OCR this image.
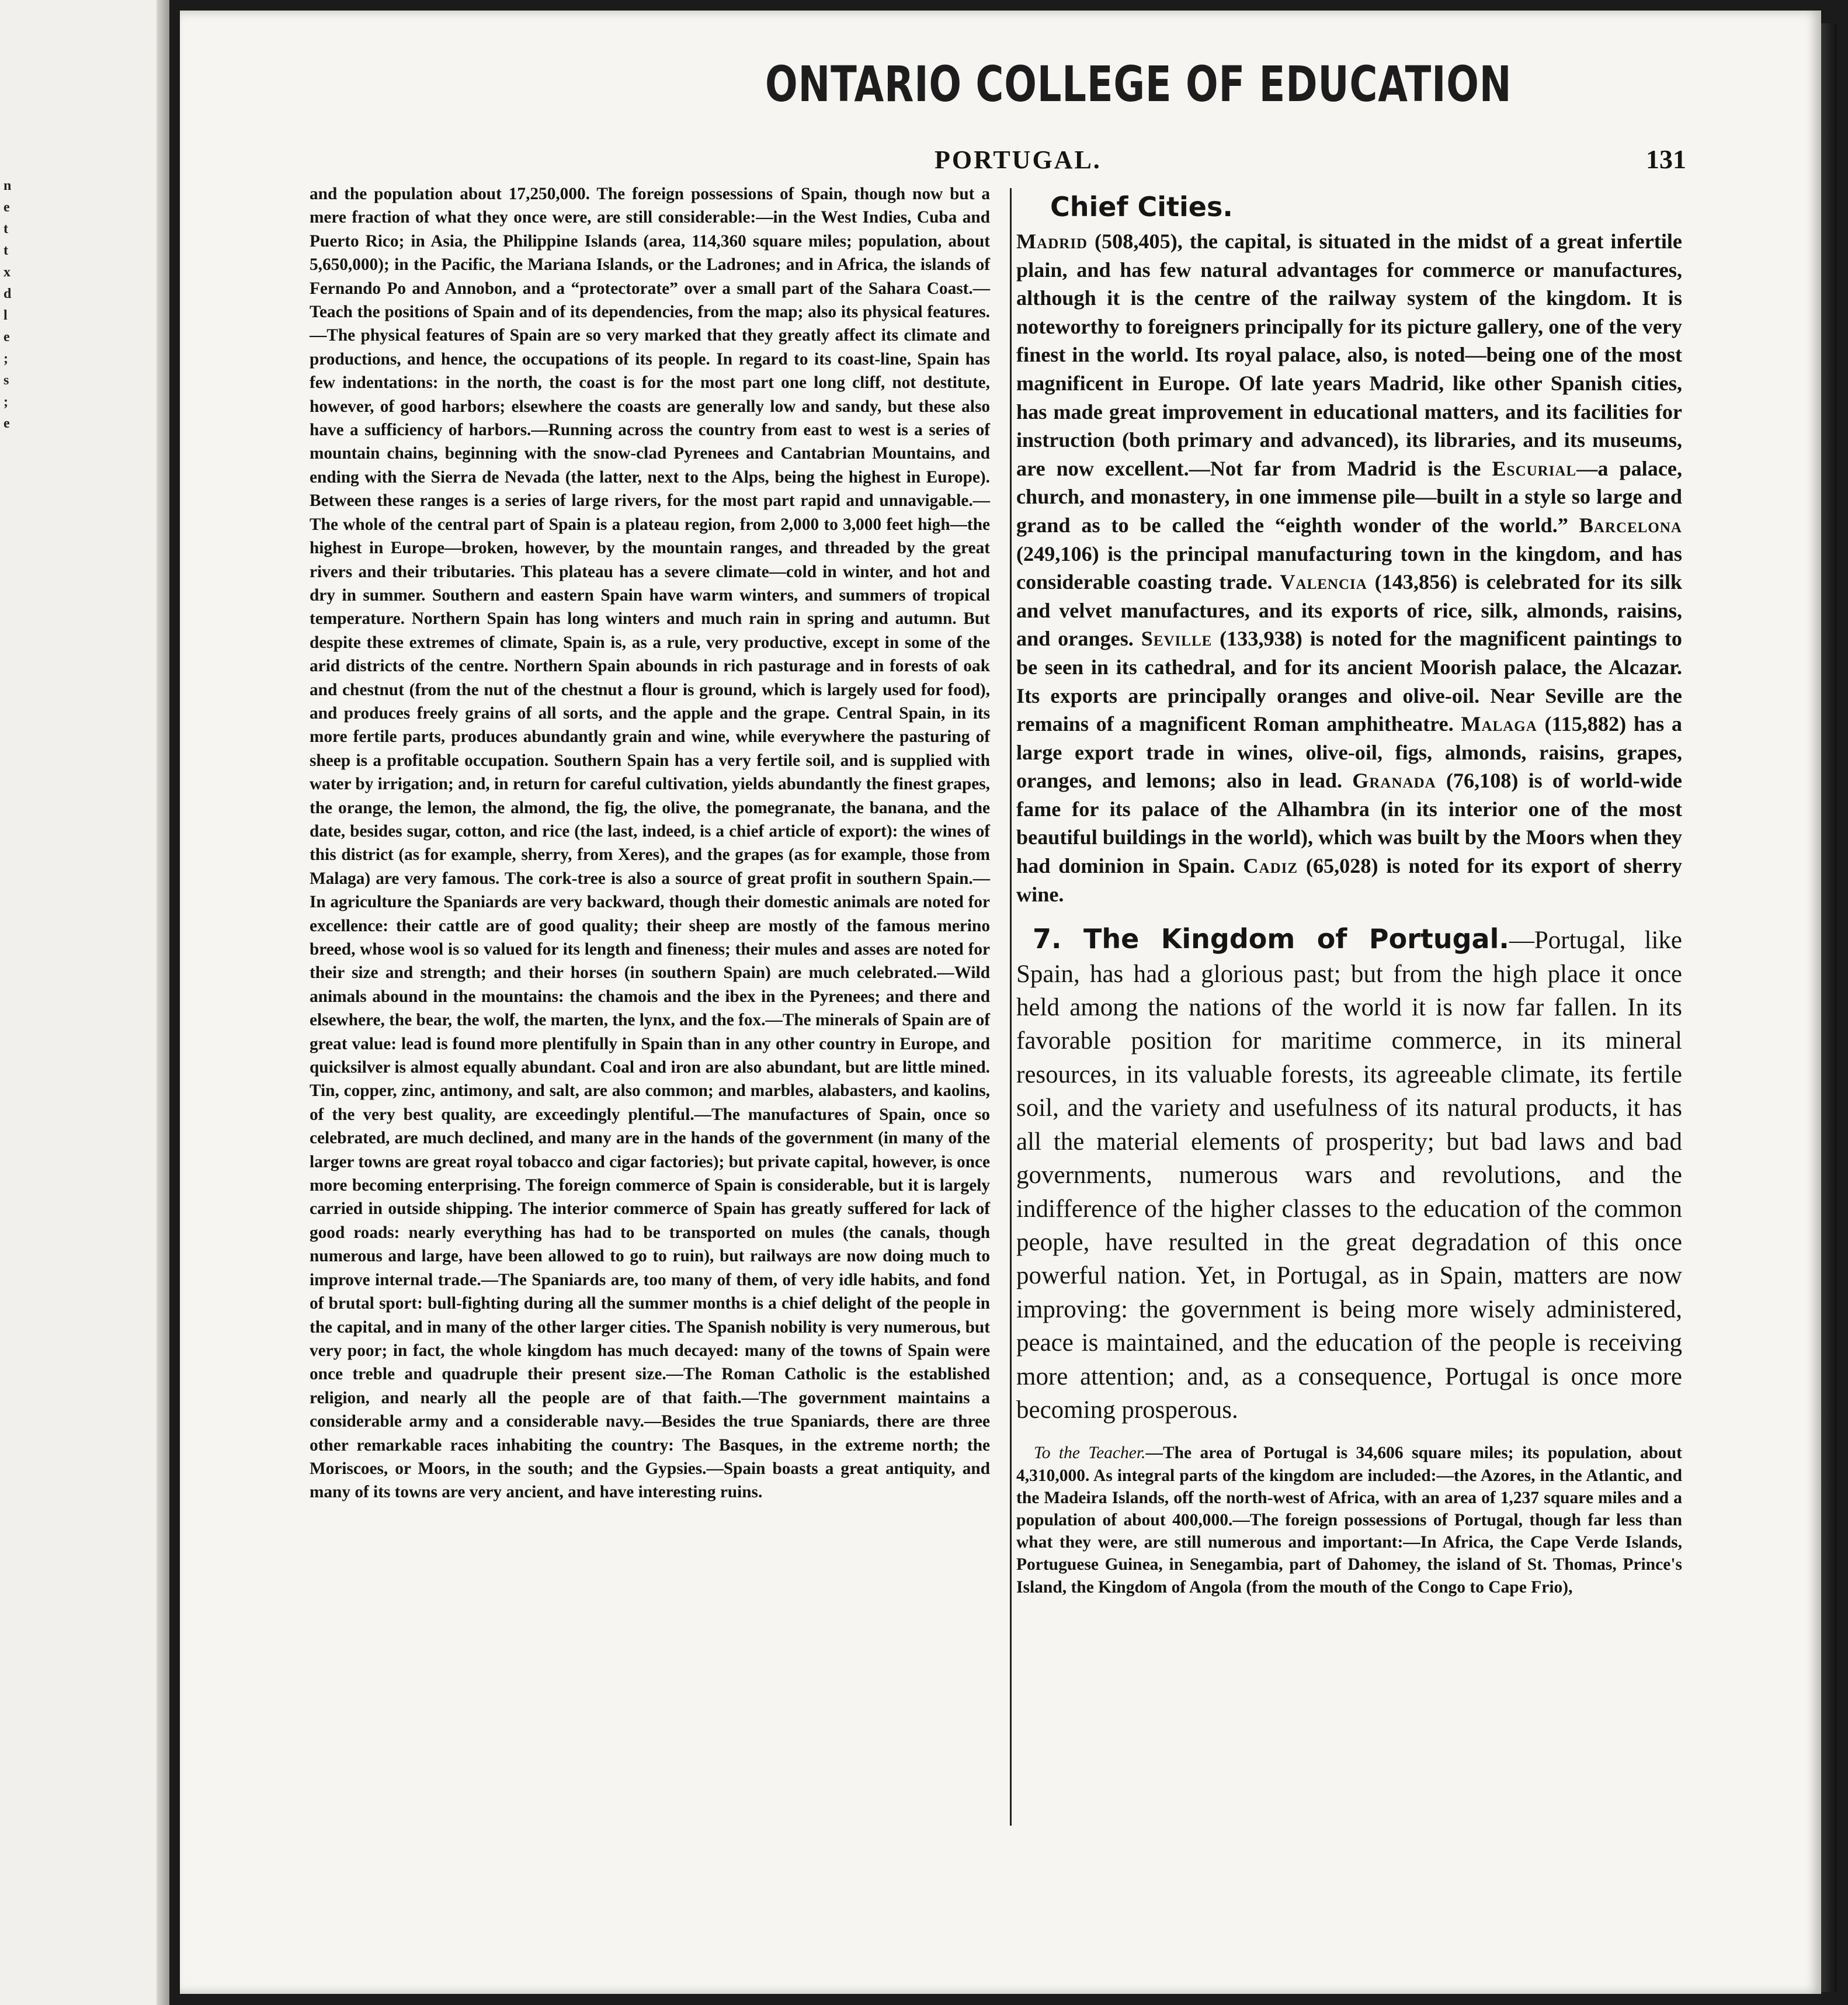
n
e
t
t
x
d
l
e
;
s
;
e
ONTARIO COLLEGE OF EDUCATION
PORTUGAL.	131

and the population about 17,250,000. The foreign possessions of Spain, though now but a mere fraction of what they once were, are still considerable:—in the West Indies, Cuba and Puerto Rico; in Asia, the Philippine Islands (area, 114,360 square miles; population, about 5,650,000); in the Pacific, the Mariana Islands, or the Ladrones; and in Africa, the islands of Fernando Po and Annobon, and a “protectorate” over a small part of the Sahara Coast.—Teach the positions of Spain and of its dependencies, from the map; also its physical features.—The physical features of Spain are so very marked that they greatly affect its climate and productions, and hence, the occupations of its people. In regard to its coast-line, Spain has few indentations: in the north, the coast is for the most part one long cliff, not destitute, however, of good harbors; elsewhere the coasts are generally low and sandy, but these also have a sufficiency of harbors.—Running across the country from east to west is a series of mountain chains, beginning with the snow-clad Pyrenees and Cantabrian Mountains, and ending with the Sierra de Nevada (the latter, next to the Alps, being the highest in Europe). Between these ranges is a series of large rivers, for the most part rapid and unnavigable.—The whole of the central part of Spain is a plateau region, from 2,000 to 3,000 feet high—the highest in Europe—broken, however, by the mountain ranges, and threaded by the great rivers and their tributaries. This plateau has a severe climate—cold in winter, and hot and dry in summer. Southern and eastern Spain have warm winters, and summers of tropical temperature. Northern Spain has long winters and much rain in spring and autumn. But despite these extremes of climate, Spain is, as a rule, very productive, except in some of the arid districts of the centre. Northern Spain abounds in rich pasturage and in forests of oak and chestnut (from the nut of the chestnut a flour is ground, which is largely used for food), and produces freely grains of all sorts, and the apple and the grape. Central Spain, in its more fertile parts, produces abundantly grain and wine, while everywhere the pasturing of sheep is a profitable occupation. Southern Spain has a very fertile soil, and is supplied with water by irrigation; and, in return for careful cultivation, yields abundantly the finest grapes, the orange, the lemon, the almond, the fig, the olive, the pomegranate, the banana, and the date, besides sugar, cotton, and rice (the last, indeed, is a chief article of export): the wines of this district (as for example, sherry, from Xeres), and the grapes (as for example, those from Malaga) are very famous. The cork-tree is also a source of great profit in southern Spain.—In agriculture the Spaniards are very backward, though their domestic animals are noted for excellence: their cattle are of good quality; their sheep are mostly of the famous merino breed, whose wool is so valued for its length and fineness; their mules and asses are noted for their size and strength; and their horses (in southern Spain) are much celebrated.—Wild animals abound in the mountains: the chamois and the ibex in the Pyrenees; and there and elsewhere, the bear, the wolf, the marten, the lynx, and the fox.—The minerals of Spain are of great value: lead is found more plentifully in Spain than in any other country in Europe, and quicksilver is almost equally abundant. Coal and iron are also abundant, but are little mined. Tin, copper, zinc, antimony, and salt, are also common; and marbles, alabasters, and kaolins, of the very best quality, are exceedingly plentiful.—The manufactures of Spain, once so celebrated, are much declined, and many are in the hands of the government (in many of the larger towns are great royal tobacco and cigar factories); but private capital, however, is once more becoming enterprising. The foreign commerce of Spain is considerable, but it is largely carried in outside shipping. The interior commerce of Spain has greatly suffered for lack of good roads: nearly everything has had to be transported on mules (the canals, though numerous and large, have been allowed to go to ruin), but railways are now doing much to improve internal trade.—The Spaniards are, too many of them, of very idle habits, and fond of brutal sport: bull-fighting during all the summer months is a chief delight of the people in the capital, and in many of the other larger cities. The Spanish nobility is very numerous, but very poor; in fact, the whole kingdom has much decayed: many of the towns of Spain were once treble and quadruple their present size.—The Roman Catholic is the established religion, and nearly all the people are of that faith.—The government maintains a considerable army and a considerable navy.—Besides the true Spaniards, there are three other remarkable races inhabiting the country: The Basques, in the extreme north; the Moriscoes, or Moors, in the south; and the Gypsies.—Spain boasts a great antiquity, and many of its towns are very ancient, and have interesting ruins.

Chief Cities.

Madrid (508,405), the capital, is situated in the midst of a great infertile plain, and has few natural advantages for commerce or manufactures, although it is the centre of the railway system of the kingdom. It is noteworthy to foreigners principally for its picture gallery, one of the very finest in the world. Its royal palace, also, is noted—being one of the most magnificent in Europe. Of late years Madrid, like other Spanish cities, has made great improvement in educational matters, and its facilities for instruction (both primary and advanced), its libraries, and its museums, are now excellent.—Not far from Madrid is the Escurial—a palace, church, and monastery, in one immense pile—built in a style so large and grand as to be called the “eighth wonder of the world.” Barcelona (249,106) is the principal manufacturing town in the kingdom, and has considerable coasting trade. Valencia (143,856) is celebrated for its silk and velvet manufactures, and its exports of rice, silk, almonds, raisins, and oranges. Seville (133,938) is noted for the magnificent paintings to be seen in its cathedral, and for its ancient Moorish palace, the Alcazar. Its exports are principally oranges and olive-oil. Near Seville are the remains of a magnificent Roman amphitheatre. Malaga (115,882) has a large export trade in wines, olive-oil, figs, almonds, raisins, grapes, oranges, and lemons; also in lead. Granada (76,108) is of world-wide fame for its palace of the Alhambra (in its interior one of the most beautiful buildings in the world), which was built by the Moors when they had dominion in Spain. Cadiz (65,028) is noted for its export of sherry wine.

7. The Kingdom of Portugal.—Portugal, like Spain, has had a glorious past; but from the high place it once held among the nations of the world it is now far fallen. In its favorable position for maritime commerce, in its mineral resources, in its valuable forests, its agreeable climate, its fertile soil, and the variety and usefulness of its natural products, it has all the material elements of prosperity; but bad laws and bad governments, numerous wars and revolutions, and the indifference of the higher classes to the education of the common people, have resulted in the great degradation of this once powerful nation. Yet, in Portugal, as in Spain, matters are now improving: the government is being more wisely administered, peace is maintained, and the education of the people is receiving more attention; and, as a consequence, Portugal is once more becoming prosperous.

To the Teacher.—The area of Portugal is 34,606 square miles; its population, about 4,310,000. As integral parts of the kingdom are included:—the Azores, in the Atlantic, and the Madeira Islands, off the north-west of Africa, with an area of 1,237 square miles and a population of about 400,000.—The foreign possessions of Portugal, though far less than what they were, are still numerous and important:—In Africa, the Cape Verde Islands, Portuguese Guinea, in Senegambia, part of Dahomey, the island of St. Thomas, Prince's Island, the Kingdom of Angola (from the mouth of the Congo to Cape Frio),
